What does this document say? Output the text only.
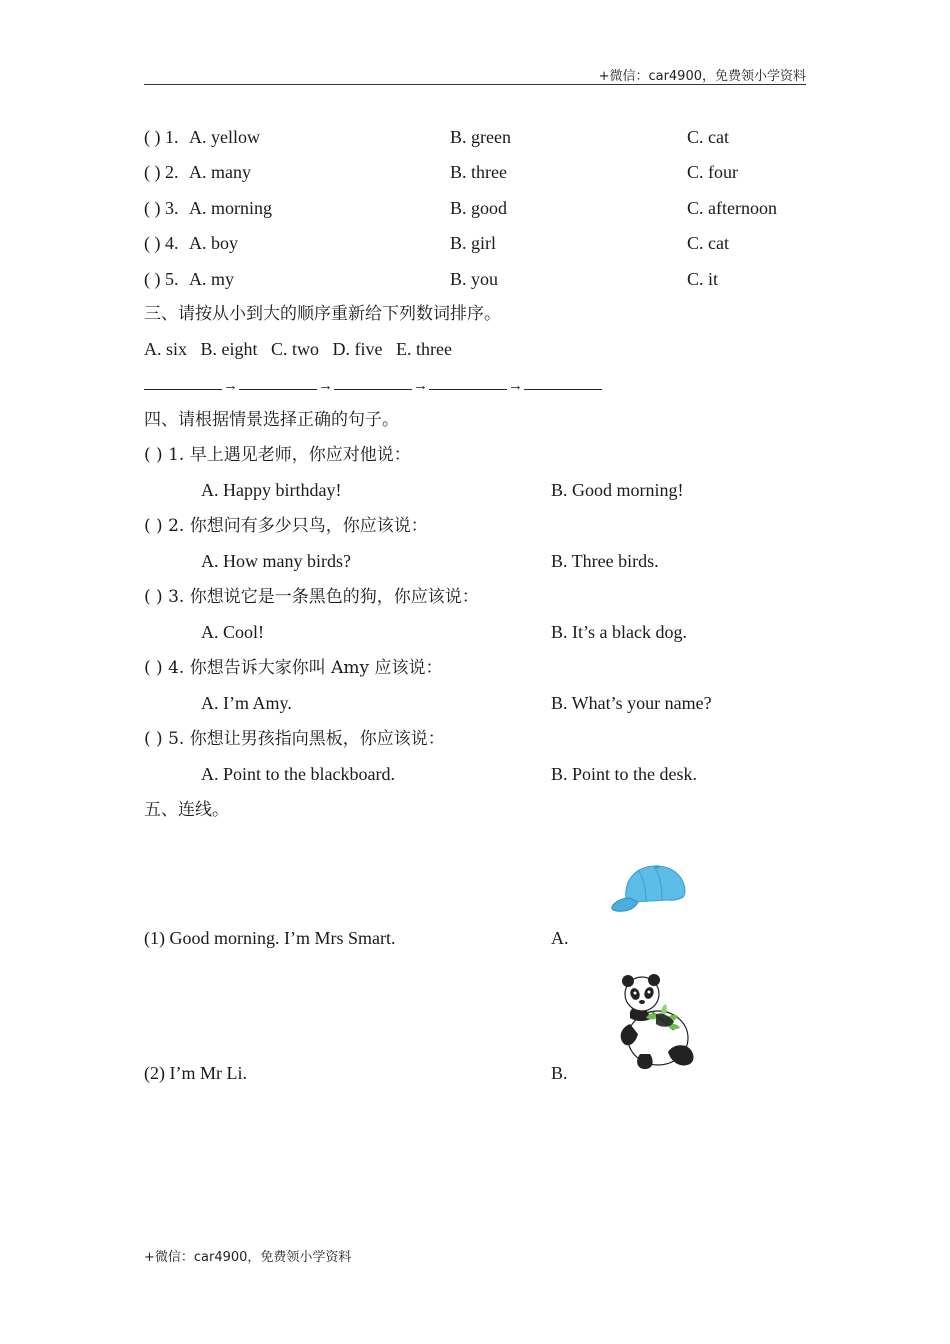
+微信：car4900，免费领小学资料
( ) 1. A. yellow	B. green	C. cat
( ) 2. A. many	B. three	C. four
( ) 3. A. morning	B. good	C. afternoon
( ) 4. A. boy	B. girl	C. cat
( ) 5. A. my	B. you	C. it
三、请按从小到大的顺序重新给下列数词排序。
A. six   B. eight   C. two   D. five   E. three
→	→	→	→
四、请根据情景选择正确的句子。
( ) 1. 早上遇见老师，你应对他说：
A. Happy birthday!	B. Good morning!
( ) 2. 你想问有多少只鸟，你应该说：
A. How many birds?	B. Three birds.
( ) 3. 你想说它是一条黑色的狗，你应该说：
A. Cool!	B. It’s a black dog.
( ) 4. 你想告诉大家你叫 Amy 应该说：
A. I’m Amy.	B. What’s your name?
( ) 5. 你想让男孩指向黑板，你应该说：
A. Point to the blackboard.	B. Point to the desk.
五、连线。
(1) Good morning. I’m Mrs Smart.	A.
(2) I’m Mr Li.	B.
+微信：car4900，免费领小学资料
